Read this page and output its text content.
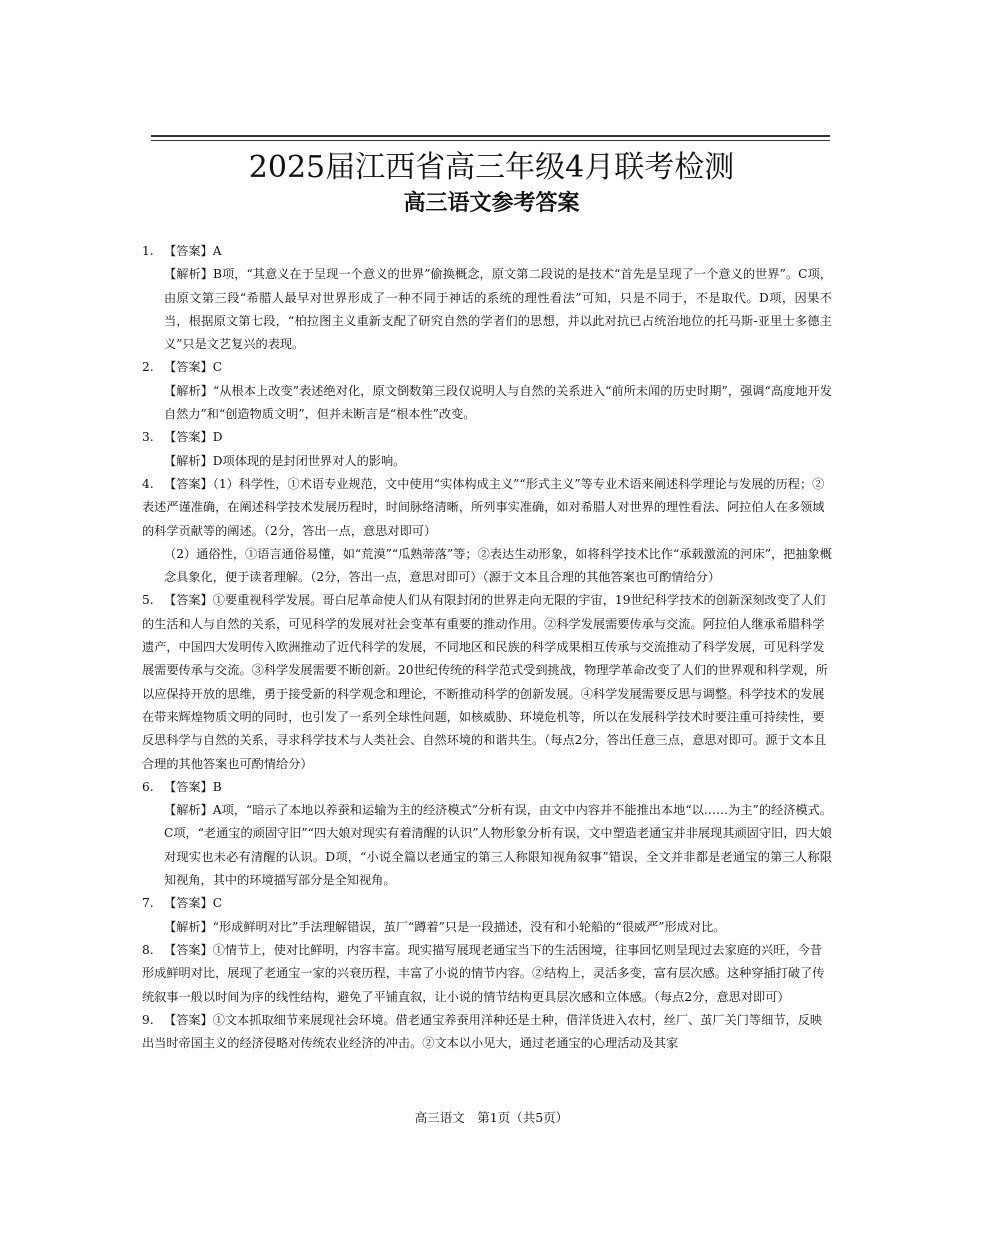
2025届江西省高三年级4月联考检测
高三语文参考答案
1. 【答案】A
【解析】B项，“其意义在于呈现一个意义的世界”偷换概念，原文第二段说的是技术“首先是呈现了一个意义的世界”。C项，由原文第三段“希腊人最早对世界形成了一种不同于神话的系统的理性看法”可知，只是不同于，不是取代。D项，因果不当，根据原文第七段，“柏拉图主义重新支配了研究自然的学者们的思想，并以此对抗已占统治地位的托马斯-亚里士多德主义”只是文艺复兴的表现。
2. 【答案】C
【解析】“从根本上改变”表述绝对化，原文倒数第三段仅说明人与自然的关系进入“前所未闻的历史时期”，强调“高度地开发自然力”和“创造物质文明”，但并未断言是“根本性”改变。
3. 【答案】D
【解析】D项体现的是封闭世界对人的影响。
4. 【答案】（1）科学性，①术语专业规范，文中使用“实体构成主义”“形式主义”等专业术语来阐述科学理论与发展的历程；②表述严谨准确，在阐述科学技术发展历程时，时间脉络清晰，所列事实准确，如对希腊人对世界的理性看法、阿拉伯人在多领域的科学贡献等的阐述。（2分，答出一点，意思对即可）
（2）通俗性，①语言通俗易懂，如“荒漠”“瓜熟蒂落”等；②表达生动形象，如将科学技术比作“承载激流的河床”，把抽象概念具象化，便于读者理解。（2分，答出一点，意思对即可）（源于文本且合理的其他答案也可酌情给分）
5. 【答案】①要重视科学发展。哥白尼革命使人们从有限封闭的世界走向无限的宇宙，19世纪科学技术的创新深刻改变了人们的生活和人与自然的关系，可见科学的发展对社会变革有重要的推动作用。②科学发展需要传承与交流。阿拉伯人继承希腊科学遗产，中国四大发明传入欧洲推动了近代科学的发展，不同地区和民族的科学成果相互传承与交流推动了科学发展，可见科学发展需要传承与交流。③科学发展需要不断创新。20世纪传统的科学范式受到挑战，物理学革命改变了人们的世界观和科学观，所以应保持开放的思维，勇于接受新的科学观念和理论，不断推动科学的创新发展。④科学发展需要反思与调整。科学技术的发展在带来辉煌物质文明的同时，也引发了一系列全球性问题，如核威胁、环境危机等，所以在发展科学技术时要注重可持续性，要反思科学与自然的关系，寻求科学技术与人类社会、自然环境的和谐共生。（每点2分，答出任意三点，意思对即可。源于文本且合理的其他答案也可酌情给分）
6. 【答案】B
【解析】A项，“暗示了本地以养蚕和运输为主的经济模式”分析有误，由文中内容并不能推出本地“以……为主”的经济模式。C项，“老通宝的顽固守旧”“四大娘对现实有着清醒的认识”人物形象分析有误，文中塑造老通宝并非展现其顽固守旧，四大娘对现实也未必有清醒的认识。D项，“小说全篇以老通宝的第三人称限知视角叙事”错误，全文并非都是老通宝的第三人称限知视角，其中的环境描写部分是全知视角。
7. 【答案】C
【解析】“形成鲜明对比”手法理解错误，茧厂“蹲着”只是一段描述，没有和小轮船的“很威严”形成对比。
8. 【答案】①情节上，使对比鲜明，内容丰富。现实描写展现老通宝当下的生活困境，往事回忆则呈现过去家庭的兴旺，今昔形成鲜明对比，展现了老通宝一家的兴衰历程，丰富了小说的情节内容。②结构上，灵活多变，富有层次感。这种穿插打破了传统叙事一般以时间为序的线性结构，避免了平铺直叙，让小说的情节结构更具层次感和立体感。（每点2分，意思对即可）
9. 【答案】①文本抓取细节来展现社会环境。借老通宝养蚕用洋种还是土种，借洋货进入农村，丝厂、茧厂关门等细节，反映出当时帝国主义的经济侵略对传统农业经济的冲击。②文本以小见大，通过老通宝的心理活动及其家
高三语文　第1页（共5页）
